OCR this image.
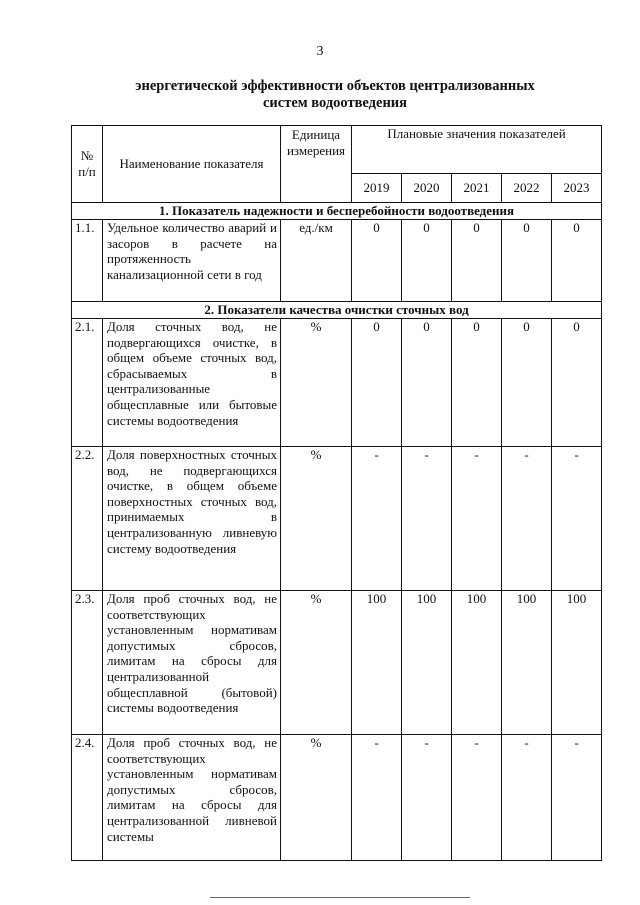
3
энергетической эффективности объектов централизованных
систем водоотведения
№ п/п	Наименование показателя	Единица измерения	Плановые значения показателей				
			2019	2020	2021	2022	2023
1. Показатель надежности и бесперебойности водоотведения							
1.1.	Удельное количество аварий и засоров в расчете на протяженность канализационной сети в год	ед./км	0	0	0	0	0
2. Показатели качества очистки сточных вод							
2.1.	Доля сточных вод, не подвергающихся очистке, в общем объеме сточных вод, сбрасываемых в централизованные общесплавные или бытовые системы водоотведения	%	0	0	0	0	0
2.2.	Доля поверхностных сточных вод, не подвергающихся очистке, в общем объеме поверхностных сточных вод, принимаемых в централизованную ливневую систему водоотведения	%	-	-	-	-	-
2.3.	Доля проб сточных вод, не соответствующих установленным нормативам допустимых сбросов, лимитам на сбросы для централизованной общесплавной (бытовой) системы водоотведения	%	100	100	100	100	100
2.4.	Доля проб сточных вод, не соответствующих установленным нормативам допустимых сбросов, лимитам на сбросы для централизованной ливневой системы	%	-	-	-	-	-
